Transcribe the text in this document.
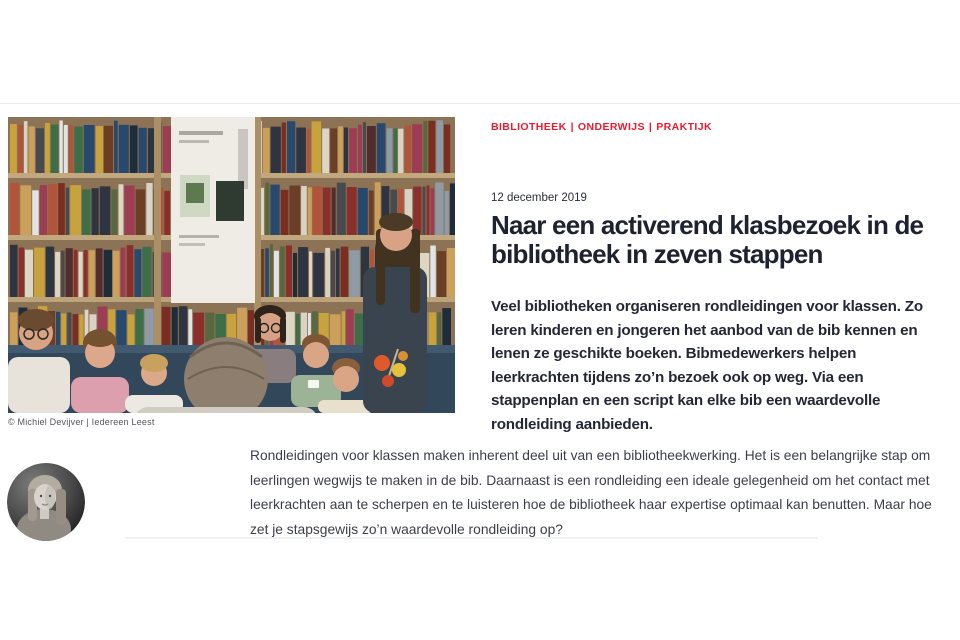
© Michiel Devijver | Iedereen Leest
BIBLIOTHEEK | ONDERWIJS | PRAKTIJK
12 december 2019
Naar een activerend klasbezoek in de bibliotheek in zeven stappen
Veel bibliotheken organiseren rondleidingen voor klassen. Zo leren kinderen en jongeren het aanbod van de bib kennen en lenen ze geschikte boeken. Bibmedewerkers helpen leerkrachten tijdens zo’n bezoek ook op weg. Via een stappenplan en een script kan elke bib een waardevolle rondleiding aanbieden.
Rondleidingen voor klassen maken inherent deel uit van een bibliotheekwerking. Het is een belangrijke stap om leerlingen wegwijs te maken in de bib. Daarnaast is een rondleiding een ideale gelegenheid om het contact met leerkrachten aan te scherpen en te luisteren hoe de bibliotheek haar expertise optimaal kan benutten. Maar hoe zet je stapsgewijs zo’n waardevolle rondleiding op?
